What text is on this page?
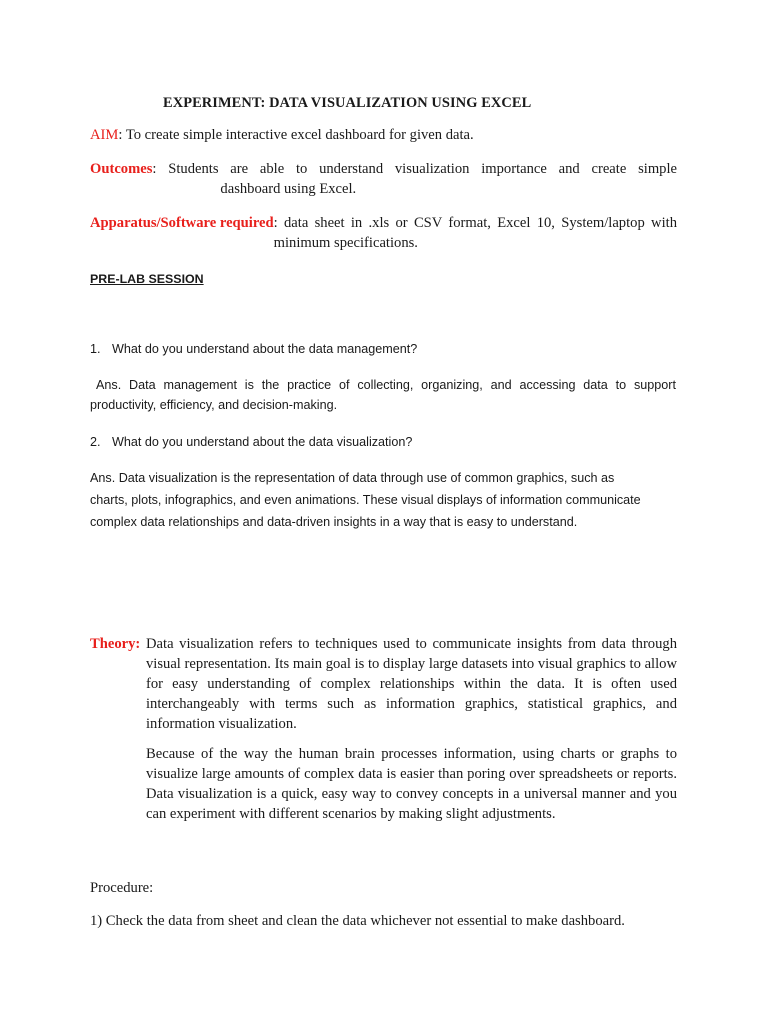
EXPERIMENT: DATA VISUALIZATION USING EXCEL
AIM : To create simple interactive excel dashboard for given data.
Outcomes : Students are able to understand visualization importance and create simple
dashboard using Excel.
Apparatus/Software required : data sheet in .xls or CSV format, Excel 10, System/laptop with minimum specifications.
PRE-LAB SESSION
1. What do you understand about the data management?
Ans. Data management is the practice of collecting, organizing, and accessing data to support productivity, efficiency, and decision-making.
2. What do you understand about the data visualization?
Ans. Data visualization is the representation of data through use of common graphics, such as charts, plots, infographics, and even animations. These visual displays of information communicate complex data relationships and data-driven insights in a way that is easy to understand.
Theory: Data visualization refers to techniques used to communicate insights from data through visual representation. Its main goal is to display large datasets into visual graphics to allow for easy understanding of complex relationships within the data. It is often used interchangeably with terms such as information graphics, statistical graphics, and information visualization.

Because of the way the human brain processes information, using charts or graphs to visualize large amounts of complex data is easier than poring over spreadsheets or reports. Data visualization is a quick, easy way to convey concepts in a universal manner and you can experiment with different scenarios by making slight adjustments.

Procedure:
1) Check the data from sheet and clean the data whichever not essential to make dashboard.
